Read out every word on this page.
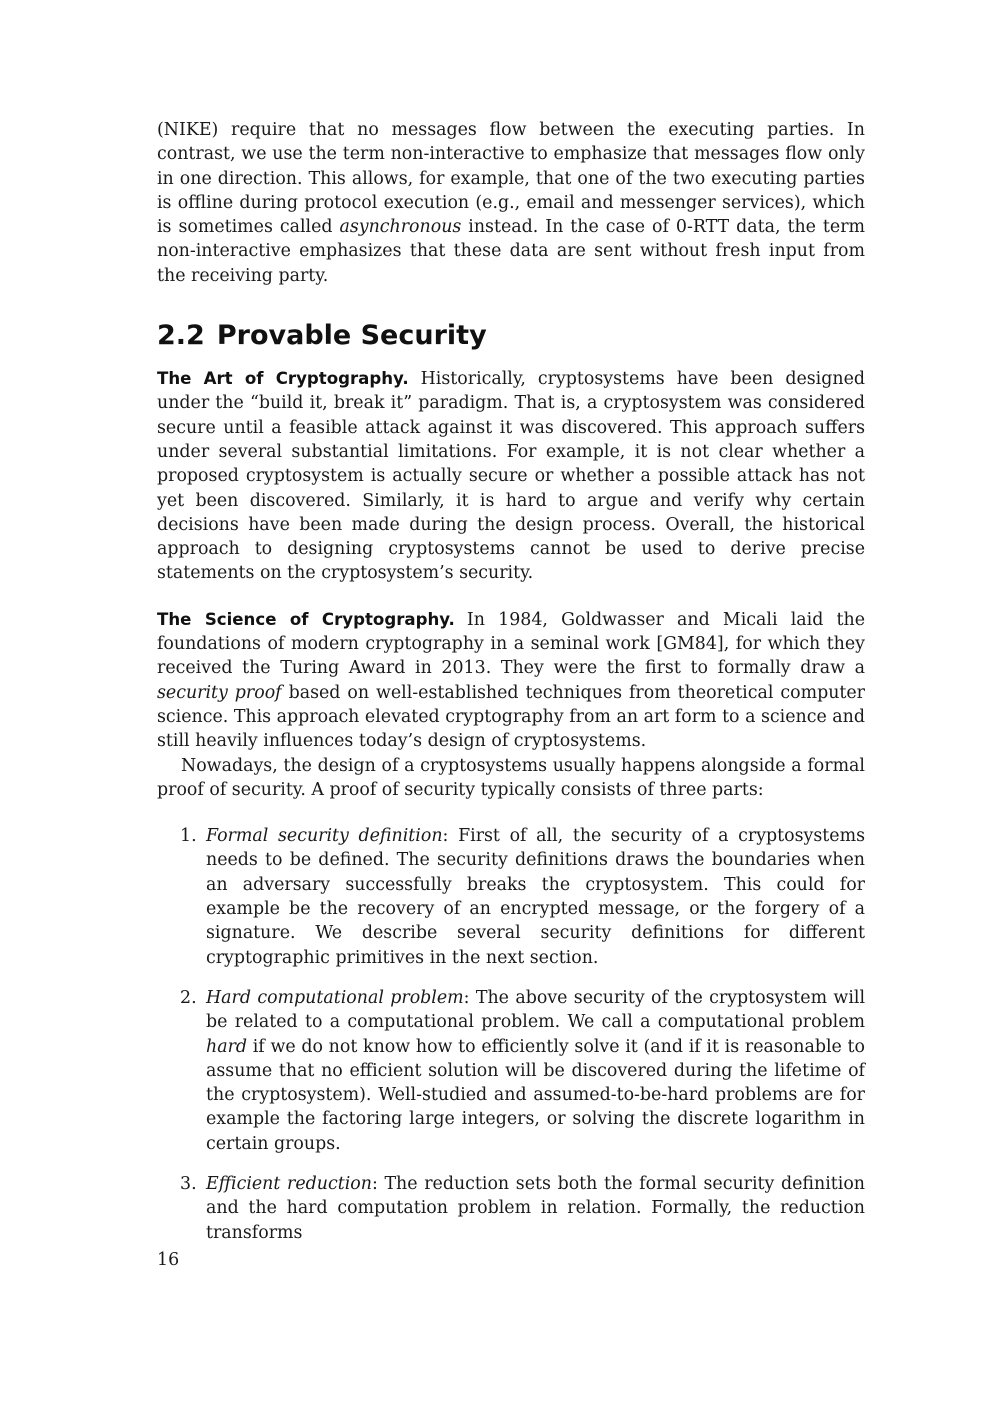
(NIKE) require that no messages flow between the executing parties. In contrast, we use the term non-interactive to emphasize that messages flow only in one direction. This allows, for example, that one of the two executing parties is offline during protocol execution (e.g., email and messenger services), which is sometimes called asynchronous instead. In the case of 0-RTT data, the term non-interactive emphasizes that these data are sent without fresh input from the receiving party.

2.2 Provable Security

The Art of Cryptography. Historically, cryptosystems have been designed under the “build it, break it” paradigm. That is, a cryptosystem was considered secure until a feasible attack against it was discovered. This approach suffers under several substantial limitations. For example, it is not clear whether a proposed cryptosystem is actually secure or whether a possible attack has not yet been discovered. Similarly, it is hard to argue and verify why certain decisions have been made during the design process. Overall, the historical approach to designing cryptosystems cannot be used to derive precise statements on the cryptosystem’s security.

The Science of Cryptography. In 1984, Goldwasser and Micali laid the foundations of modern cryptography in a seminal work [GM84], for which they received the Turing Award in 2013. They were the first to formally draw a security proof based on well-established techniques from theoretical computer science. This approach elevated cryptography from an art form to a science and still heavily influences today’s design of cryptosystems.

Nowadays, the design of a cryptosystems usually happens alongside a formal proof of security. A proof of security typically consists of three parts:

1. Formal security definition: First of all, the security of a cryptosystems needs to be defined. The security definitions draws the boundaries when an adversary successfully breaks the cryptosystem. This could for example be the recovery of an encrypted message, or the forgery of a signature. We describe several security definitions for different cryptographic primitives in the next section.
2. Hard computational problem: The above security of the cryptosystem will be related to a computational problem. We call a computational problem hard if we do not know how to efficiently solve it (and if it is reasonable to assume that no efficient solution will be discovered during the lifetime of the cryptosystem). Well-studied and assumed-to-be-hard problems are for example the factoring large integers, or solving the discrete logarithm in certain groups.
3. Efficient reduction: The reduction sets both the formal security definition and the hard computation problem in relation. Formally, the reduction transforms
16
